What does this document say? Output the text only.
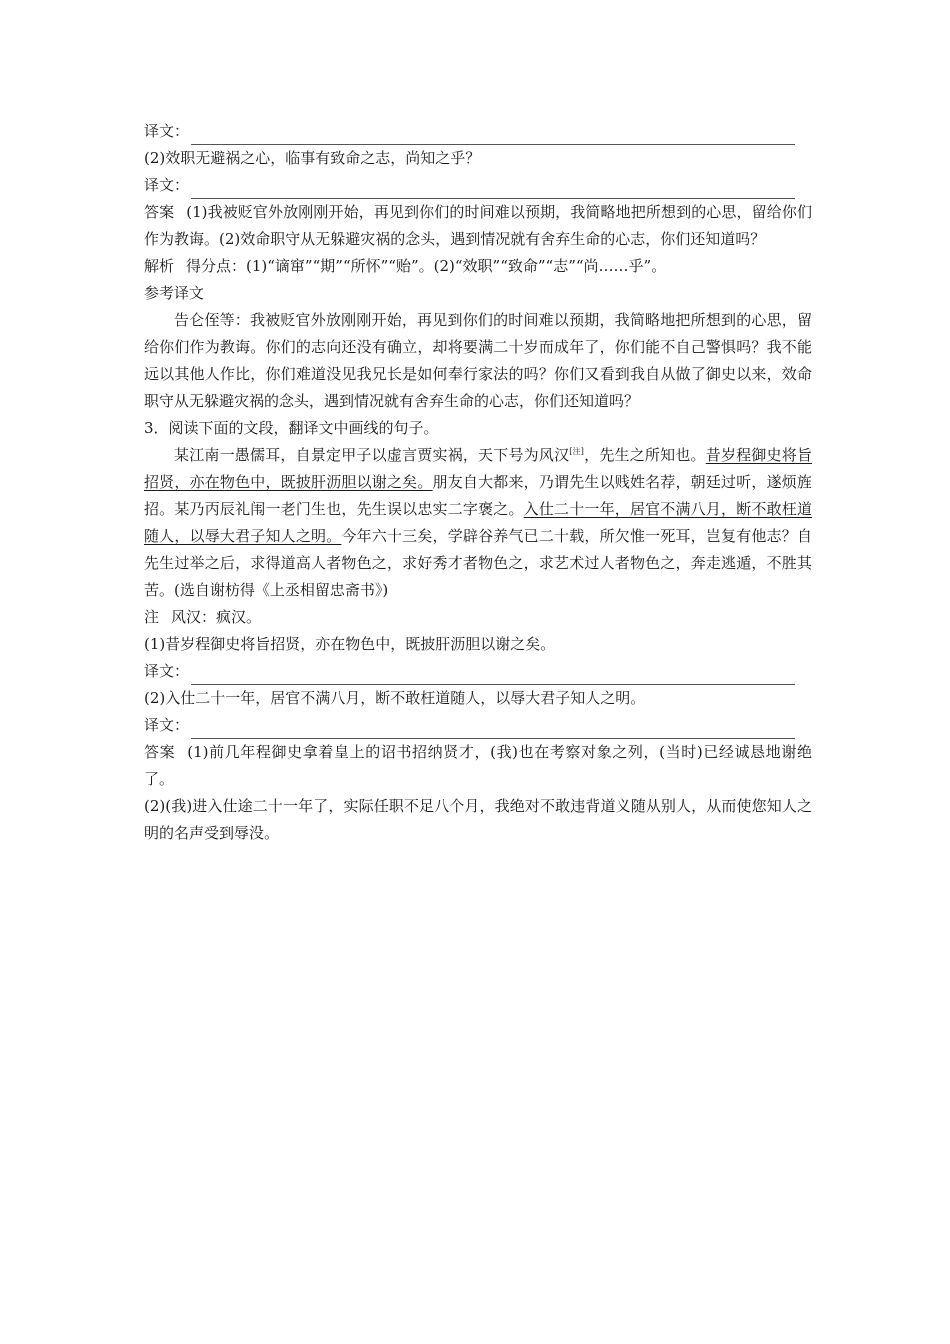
译文：

(2)效职无避祸之心，临事有致命之志，尚知之乎？

译文：

答案 (1)我被贬官外放刚刚开始，再见到你们的时间难以预期，我简略地把所想到的心思，留给你们作为教诲。(2)效命职守从无躲避灾祸的念头，遇到情况就有舍弃生命的心志，你们还知道吗？

解析 得分点：(1)“谪窜”“期”“所怀”“贻”。(2)“效职”“致命”“志”“尚……乎”。

参考译文

告仑侄等：我被贬官外放刚刚开始，再见到你们的时间难以预期，我简略地把所想到的心思，留给你们作为教诲。你们的志向还没有确立，却将要满二十岁而成年了，你们能不自己警惧吗？我不能远以其他人作比，你们难道没见我兄长是如何奉行家法的吗？你们又看到我自从做了御史以来，效命职守从无躲避灾祸的念头，遇到情况就有舍弃生命的心志，你们还知道吗？

3．阅读下面的文段，翻译文中画线的句子。

某江南一愚儒耳，自景定甲子以虚言贾实祸，天下号为风汉[注]，先生之所知也。昔岁程御史将旨招贤，亦在物色中，既披肝沥胆以谢之矣。朋友自大都来，乃谓先生以贱姓名荐，朝廷过听，遂烦旌招。某乃丙辰礼闱一老门生也，先生误以忠实二字褒之。入仕二十一年，居官不满八月，断不敢枉道随人，以辱大君子知人之明。今年六十三矣，学辟谷养气已二十载，所欠惟一死耳，岂复有他志？自先生过举之后，求得道高人者物色之，求好秀才者物色之，求艺术过人者物色之，奔走逃遁，不胜其苦。(选自谢枋得《上丞相留忠斋书》)

注 风汉：疯汉。

(1)昔岁程御史将旨招贤，亦在物色中，既披肝沥胆以谢之矣。

译文：

(2)入仕二十一年，居官不满八月，断不敢枉道随人，以辱大君子知人之明。

译文：

答案 (1)前几年程御史拿着皇上的诏书招纳贤才，(我)也在考察对象之列，(当时)已经诚恳地谢绝了。

(2)(我)进入仕途二十一年了，实际任职不足八个月，我绝对不敢违背道义随从别人，从而使您知人之明的名声受到辱没。
